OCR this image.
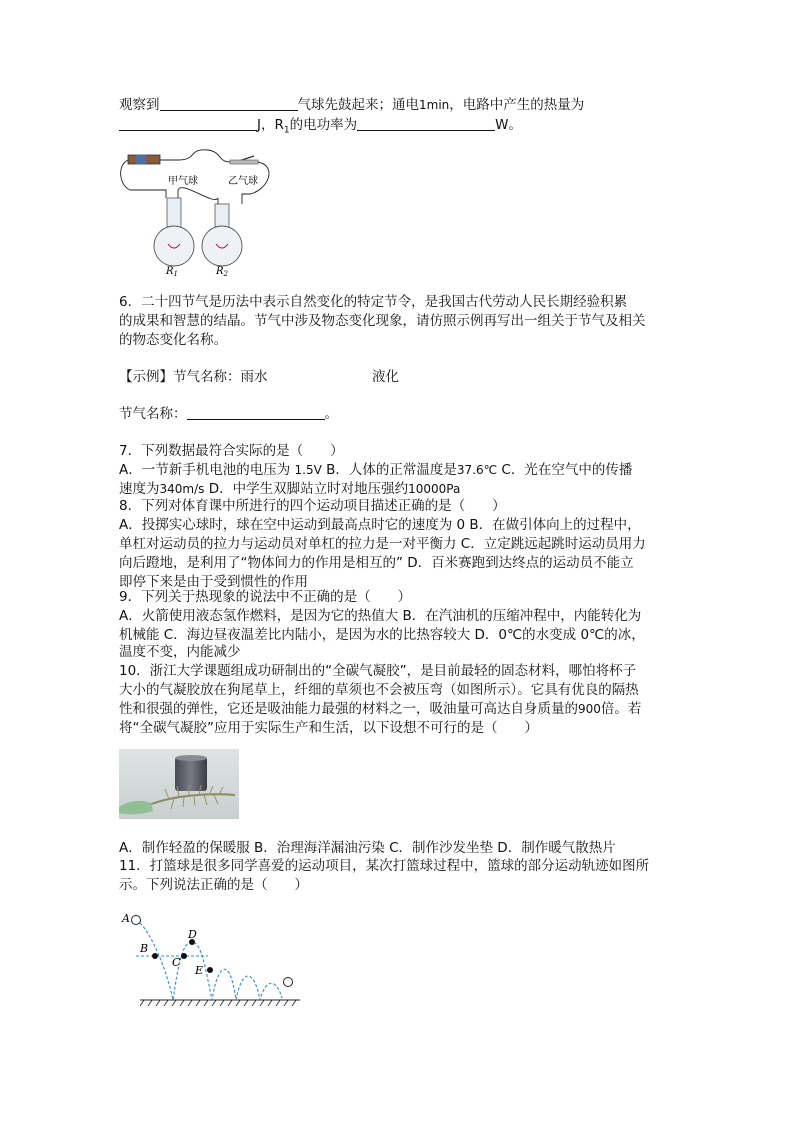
观察到	气球先鼓起来；通电1min，电路中产生的热量为
J，$R_1$的电功率为	W。
甲气球	乙气球
$R_1$	$R_2$
6．二十四节气是历法中表示自然变化的特定节令，是我国古代劳动人民长期经验积累
的成果和智慧的结晶。节气中涉及物态变化现象，请仿照示例再写出一组关于节气及相关
的物态变化名称。
【示例】节气名称：雨水	液化
节气名称：	。
7．下列数据最符合实际的是（　　）
A．一节新手机电池的电压为 1.5V B．人体的正常温度是37.6℃ C．光在空气中的传播
速度为340m/s D．中学生双脚站立时对地压强约10000Pa
8．下列对体育课中所进行的四个运动项目描述正确的是（　　）
A．投掷实心球时，球在空中运动到最高点时它的速度为 0 B．在做引体向上的过程中，
单杠对运动员的拉力与运动员对单杠的拉力是一对平衡力 C．立定跳远起跳时运动员用力
向后蹬地，是利用了“物体间力的作用是相互的” D．百米赛跑到达终点的运动员不能立
即停下来是由于受到惯性的作用
9．下列关于热现象的说法中不正确的是（　　）
A．火箭使用液态氢作燃料，是因为它的热值大 B．在汽油机的压缩冲程中，内能转化为
机械能 C．海边昼夜温差比内陆小，是因为水的比热容较大 D．0℃的水变成 0℃的冰，
温度不变，内能减少
10．浙江大学课题组成功研制出的“全碳气凝胶”，是目前最轻的固态材料，哪怕将杯子
大小的气凝胶放在狗尾草上，纤细的草须也不会被压弯（如图所示）。它具有优良的隔热
性和很强的弹性，它还是吸油能力最强的材料之一，吸油量可高达自身质量的900倍。若
将“全碳气凝胶”应用于实际生产和生活，以下设想不可行的是（　　）
A．制作轻盈的保暖服 B．治理海洋漏油污染 C．制作沙发坐垫 D．制作暖气散热片
11．打篮球是很多同学喜爱的运动项目，某次打篮球过程中，篮球的部分运动轨迹如图所
示。下列说法正确的是（　　）
A
B
C
D
E
